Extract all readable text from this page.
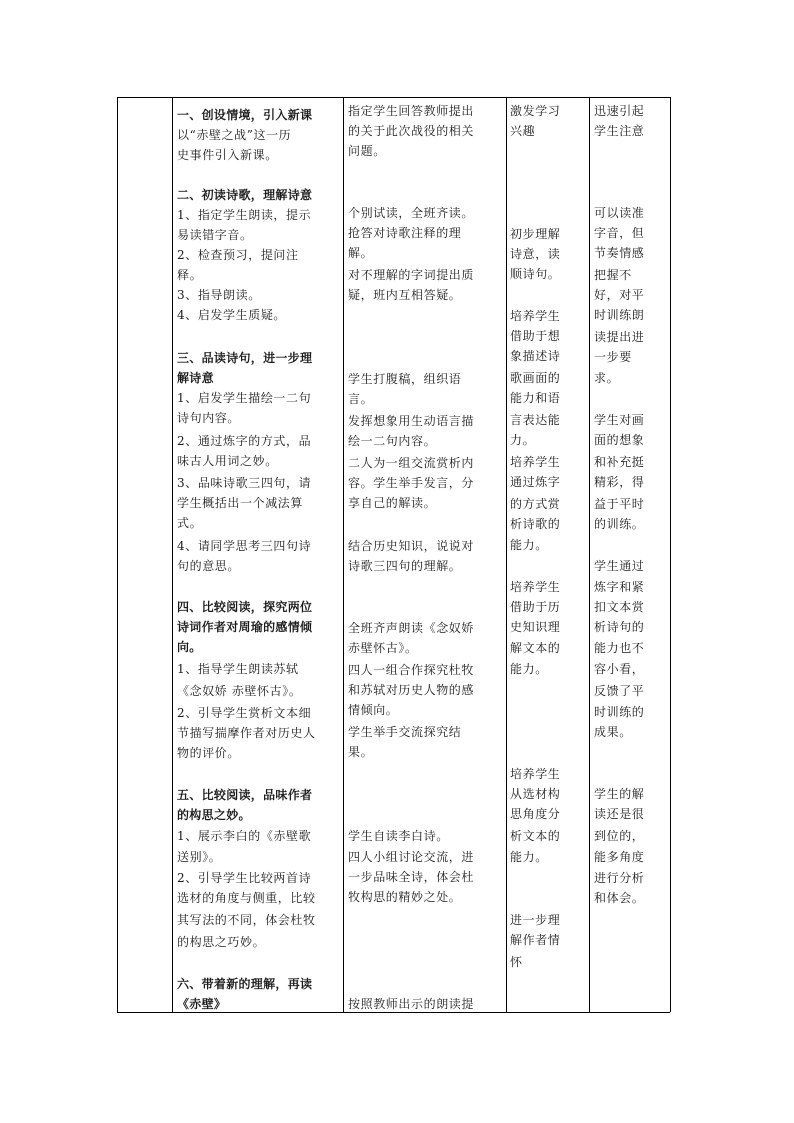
一、创设情境，引入新课
以“赤壁之战”这一历
史事件引入新课。
二、初读诗歌，理解诗意
1、指定学生朗读，提示
易读错字音。
2、检查预习，提问注
释。
3、指导朗读。
4、启发学生质疑。
三、品读诗句，进一步理
解诗意
1、启发学生描绘一二句
诗句内容。
2、通过炼字的方式，品
味古人用词之妙。
3、品味诗歌三四句，请
学生概括出一个减法算
式。
4、请同学思考三四句诗
句的意思。
四、比较阅读，探究两位
诗词作者对周瑜的感情倾
向。
1、指导学生朗读苏轼
《念奴娇 赤壁怀古》。
2、引导学生赏析文本细
节描写揣摩作者对历史人
物的评价。
五、比较阅读，品味作者
的构思之妙。
1、展示李白的《赤壁歌
送别》。
2、引导学生比较两首诗
选材的角度与侧重，比较
其写法的不同，体会杜牧
的构思之巧妙。
六、带着新的理解，再读
《赤壁》
指定学生回答教师提出
的关于此次战役的相关
问题。
个别试读，全班齐读。
抢答对诗歌注释的理
解。
对不理解的字词提出质
疑，班内互相答疑。
学生打腹稿，组织语
言。
发挥想象用生动语言描
绘一二句内容。
二人为一组交流赏析内
容。学生举手发言，分
享自己的解读。
结合历史知识，说说对
诗歌三四句的理解。
全班齐声朗读《念奴娇
赤壁怀古》。
四人一组合作探究杜牧
和苏轼对历史人物的感
情倾向。
学生举手交流探究结
果。
学生自读李白诗。
四人小组讨论交流，进
一步品味全诗，体会杜
牧构思的精妙之处。
按照教师出示的朗读提
激发学习
兴趣
初步理解
诗意，读
顺诗句。
培养学生
借助于想
象描述诗
歌画面的
能力和语
言表达能
力。
培养学生
通过炼字
的方式赏
析诗歌的
能力。
培养学生
借助于历
史知识理
解文本的
能力。
培养学生
从选材构
思角度分
析文本的
能力。
进一步理
解作者情
怀
迅速引起
学生注意
可以读准
字音，但
节奏情感
把握不
好，对平
时训练朗
读提出进
一步要
求。
学生对画
面的想象
和补充挺
精彩，得
益于平时
的训练。
学生通过
炼字和紧
扣文本赏
析诗句的
能力也不
容小看，
反馈了平
时训练的
成果。
学生的解
读还是很
到位的，
能多角度
进行分析
和体会。
